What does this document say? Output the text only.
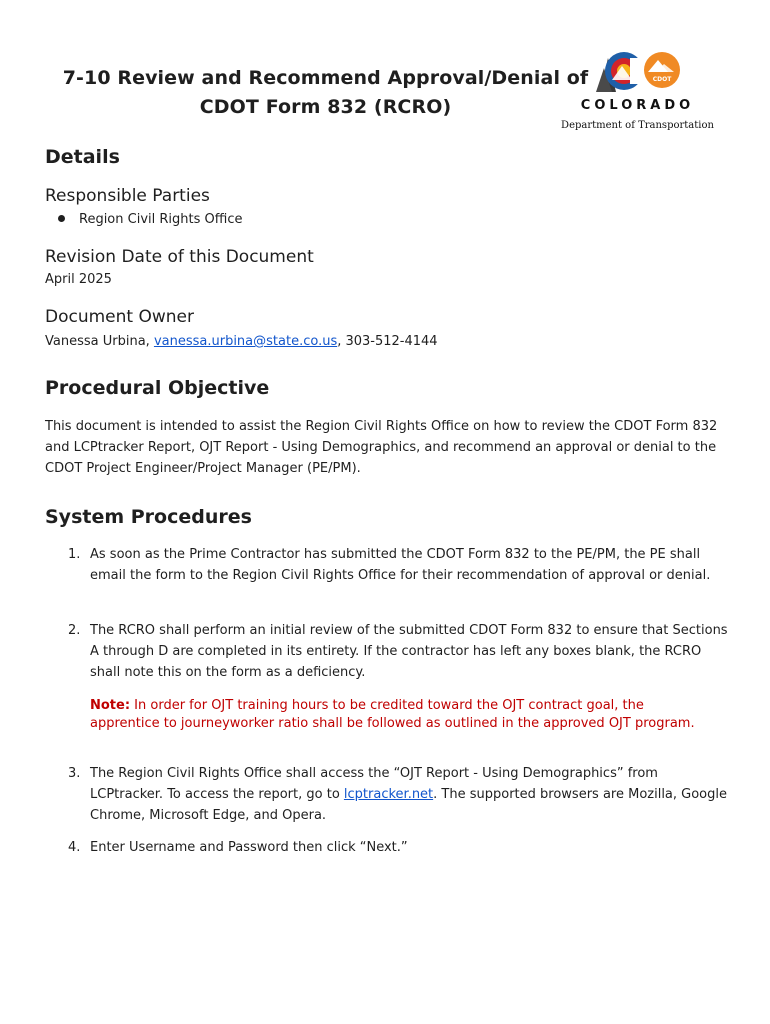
7-10 Review and Recommend Approval/Denial of
CDOT Form 832 (RCRO)
CDOT
COLORADO
Department of Transportation
Details
Responsible Parties
Region Civil Rights Office
Revision Date of this Document
April 2025
Document Owner
Vanessa Urbina, vanessa.urbina@state.co.us, 303-512-4144
Procedural Objective
This document is intended to assist the Region Civil Rights Office on how to review the CDOT Form 832 and LCPtracker Report, OJT Report - Using Demographics, and recommend an approval or denial to the CDOT Project Engineer/Project Manager (PE/PM).
System Procedures
1. As soon as the Prime Contractor has submitted the CDOT Form 832 to the PE/PM, the PE shall email the form to the Region Civil Rights Office for their recommendation of approval or denial.
2. The RCRO shall perform an initial review of the submitted CDOT Form 832 to ensure that Sections A through D are completed in its entirety. If the contractor has left any boxes blank, the RCRO shall note this on the form as a deficiency.
Note: In order for OJT training hours to be credited toward the OJT contract goal, the apprentice to journeyworker ratio shall be followed as outlined in the approved OJT program.
3. The Region Civil Rights Office shall access the “OJT Report - Using Demographics” from LCPtracker. To access the report, go to lcptracker.net. The supported browsers are Mozilla, Google Chrome, Microsoft Edge, and Opera.
4. Enter Username and Password then click “Next.”
